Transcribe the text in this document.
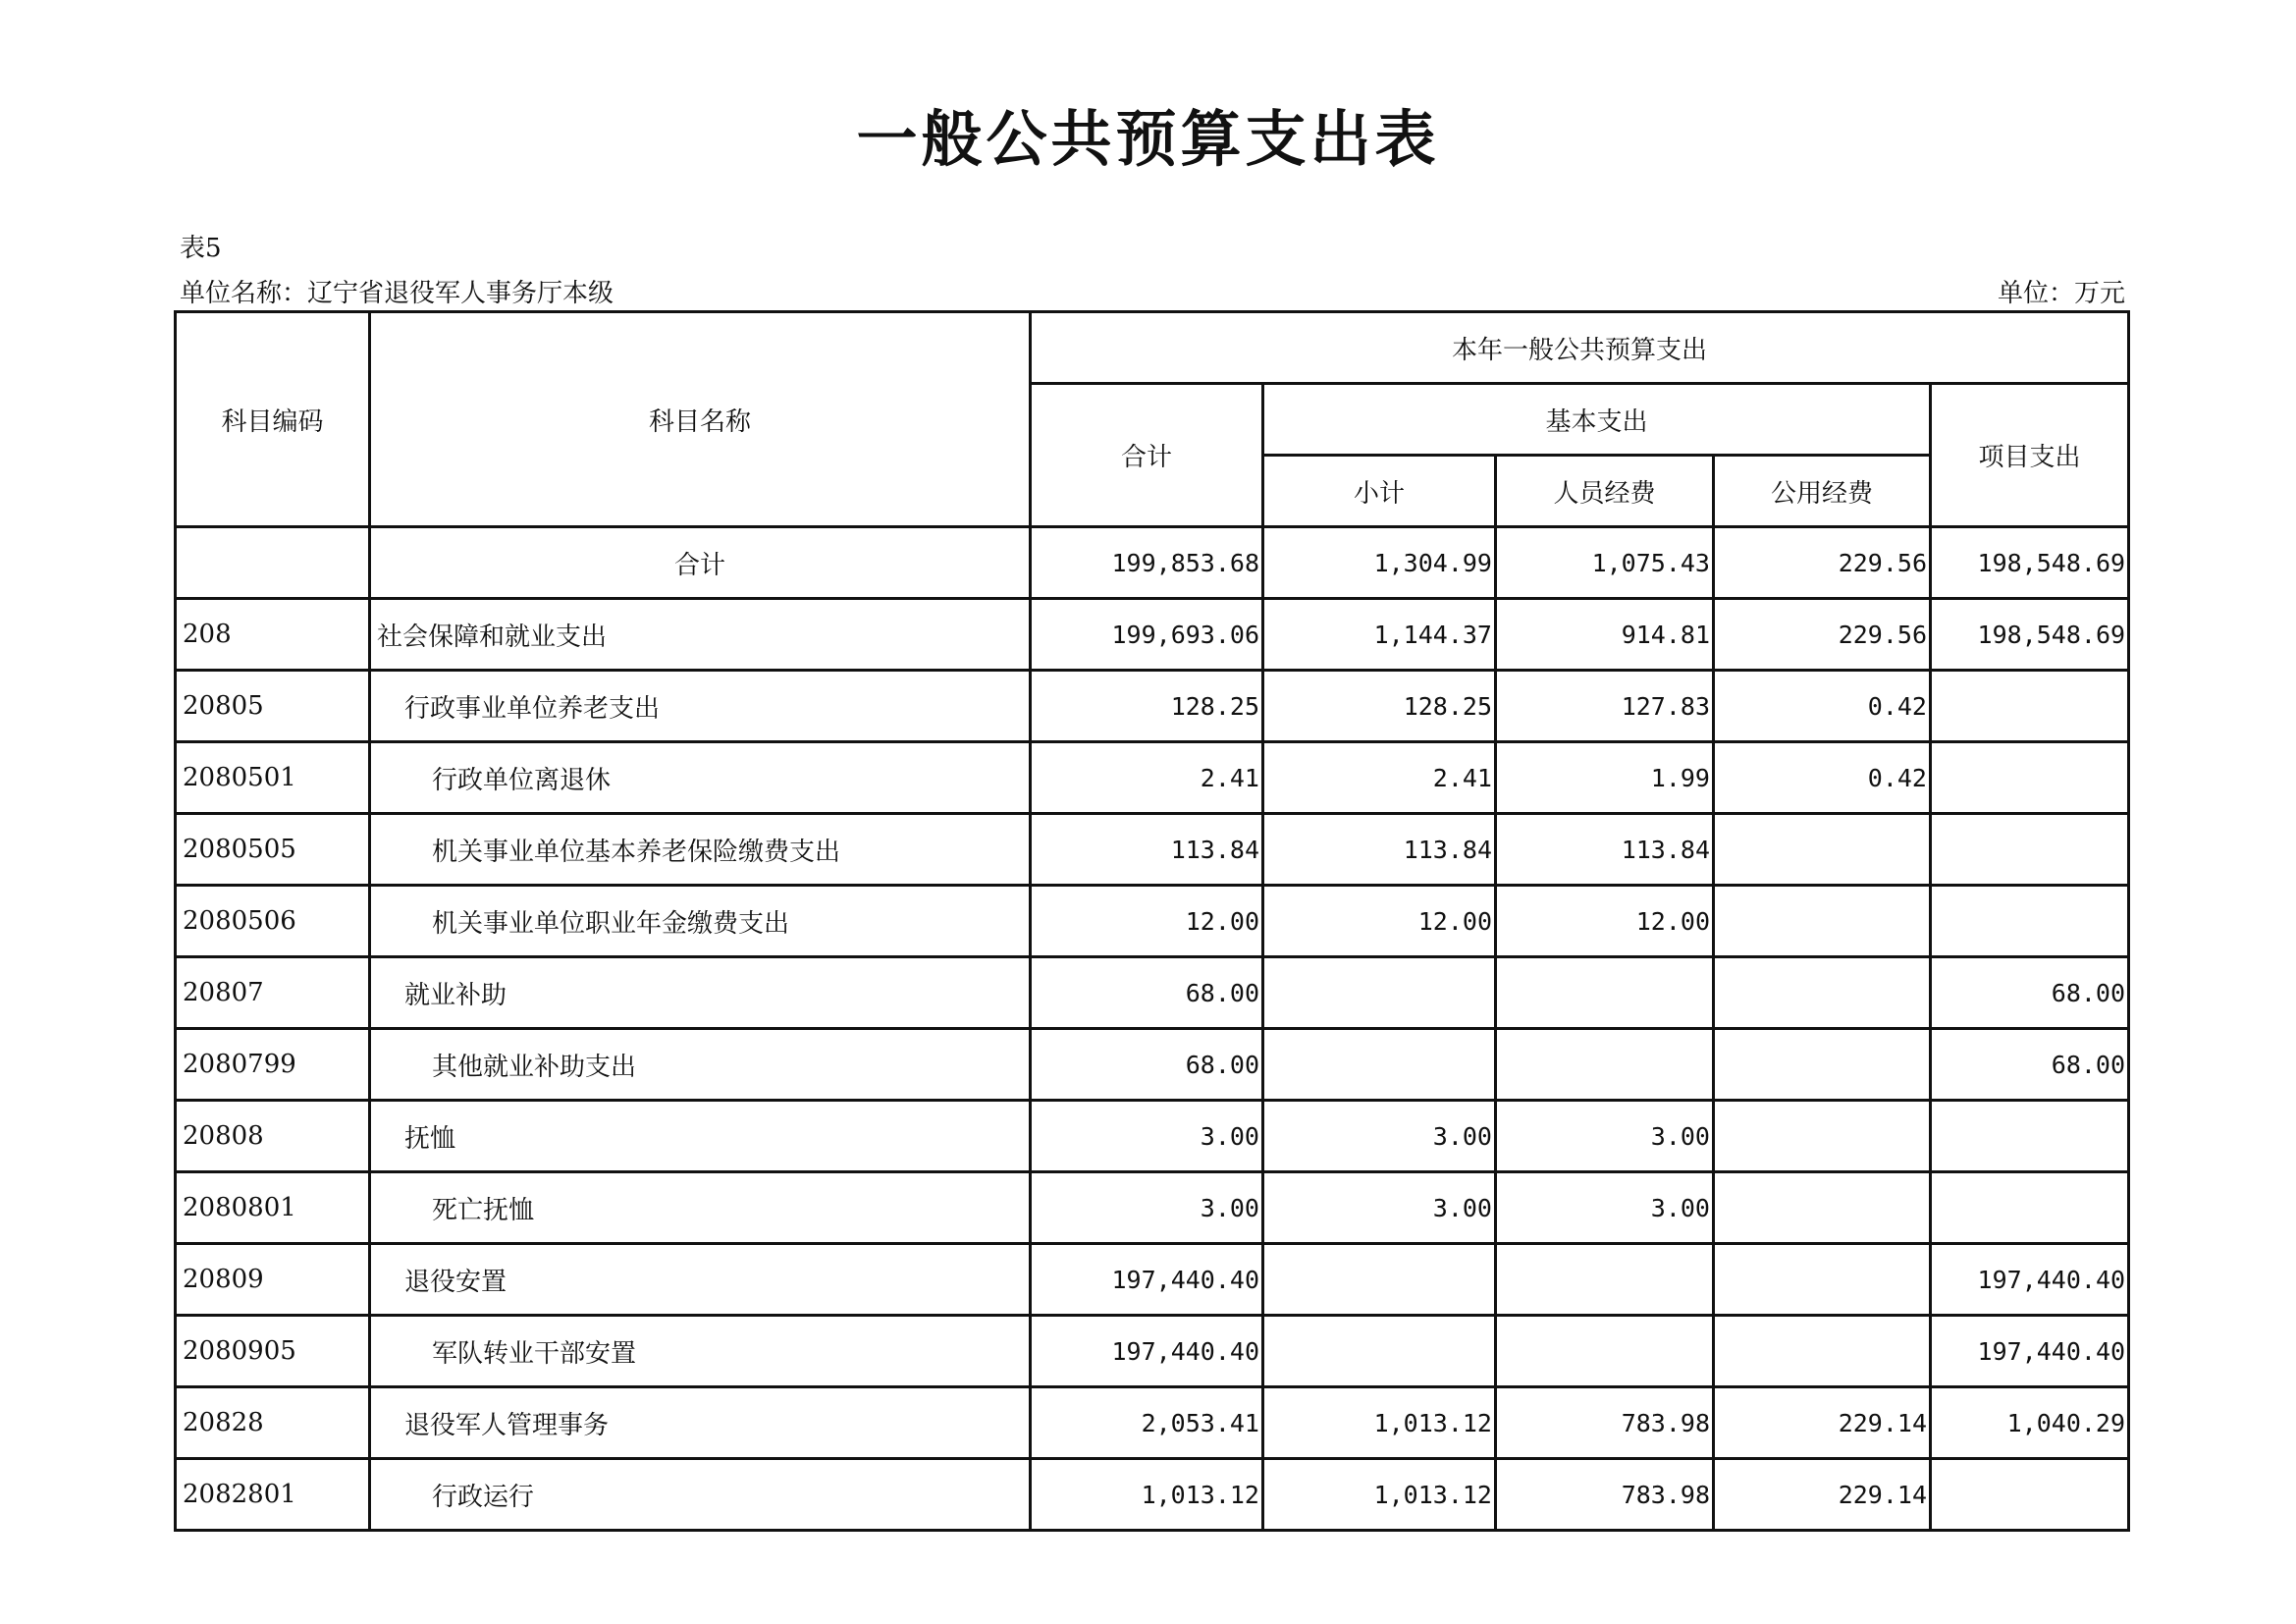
一般公共预算支出表
表5
单位名称：辽宁省退役军人事务厅本级	单位：万元
科目编码	科目名称	本年一般公共预算支出				
		合计	基本支出			项目支出
			小计	人员经费	公用经费	
	合计	199,853.68	1,304.99	1,075.43	229.56	198,548.69
208	社会保障和就业支出	199,693.06	1,144.37	914.81	229.56	198,548.69
20805	行政事业单位养老支出	128.25	128.25	127.83	0.42	
2080501	行政单位离退休	2.41	2.41	1.99	0.42	
2080505	机关事业单位基本养老保险缴费支出	113.84	113.84	113.84		
2080506	机关事业单位职业年金缴费支出	12.00	12.00	12.00		
20807	就业补助	68.00				68.00
2080799	其他就业补助支出	68.00				68.00
20808	抚恤	3.00	3.00	3.00		
2080801	死亡抚恤	3.00	3.00	3.00		
20809	退役安置	197,440.40				197,440.40
2080905	军队转业干部安置	197,440.40				197,440.40
20828	退役军人管理事务	2,053.41	1,013.12	783.98	229.14	1,040.29
2082801	行政运行	1,013.12	1,013.12	783.98	229.14	
